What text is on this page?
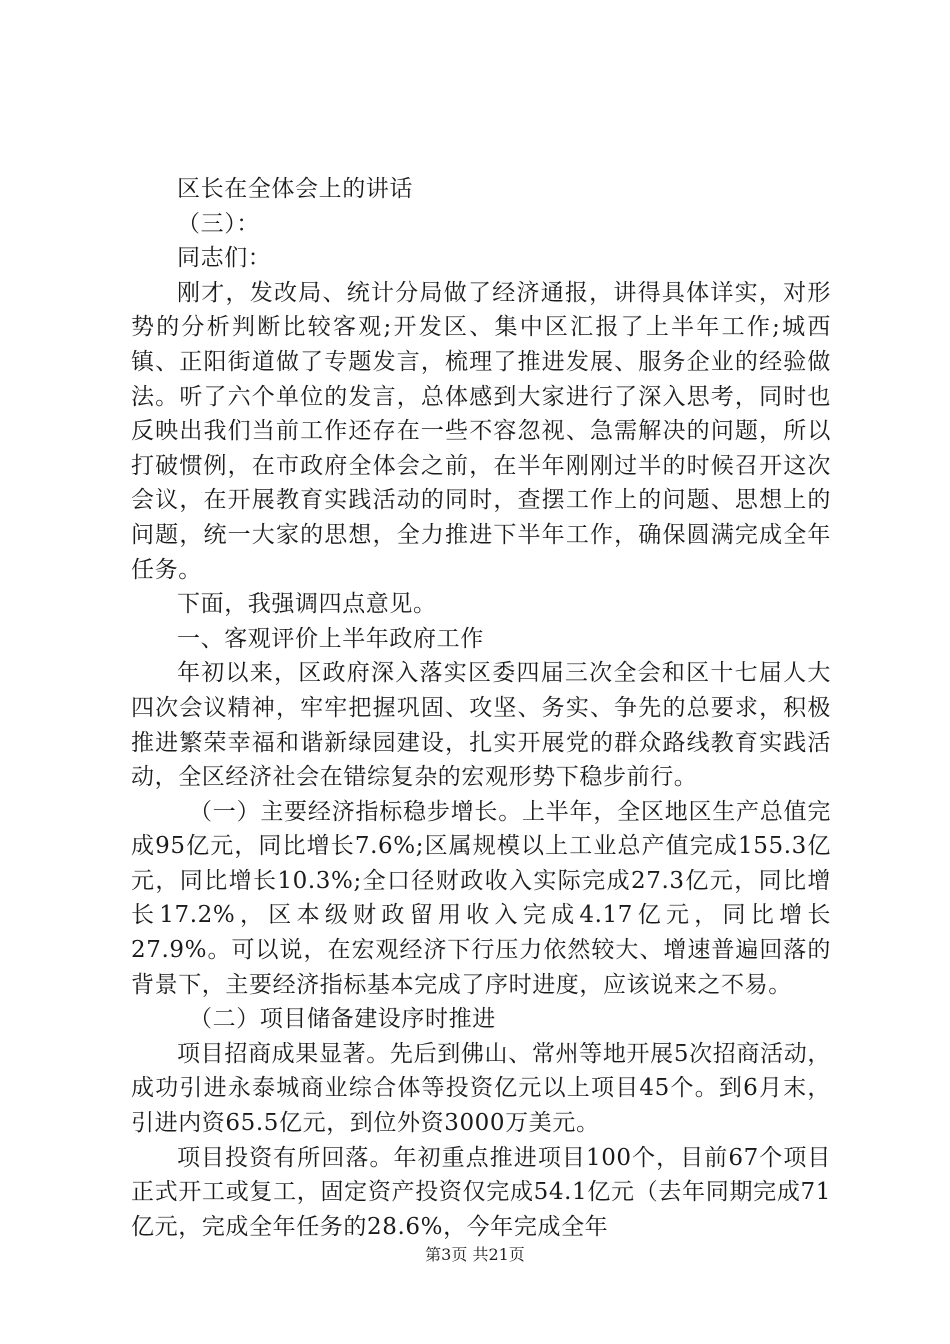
区长在全体会上的讲话

（三）：

同志们：

刚才，发改局、统计分局做了经济通报，讲得具体详实，对形势的分析判断比较客观;开发区、集中区汇报了上半年工作;城西镇、正阳街道做了专题发言，梳理了推进发展、服务企业的经验做法。听了六个单位的发言，总体感到大家进行了深入思考，同时也反映出我们当前工作还存在一些不容忽视、急需解决的问题，所以打破惯例，在市政府全体会之前，在半年刚刚过半的时候召开这次会议，在开展教育实践活动的同时，查摆工作上的问题、思想上的问题，统一大家的思想，全力推进下半年工作，确保圆满完成全年任务。

下面，我强调四点意见。

一、客观评价上半年政府工作

年初以来，区政府深入落实区委四届三次全会和区十七届人大四次会议精神，牢牢把握巩固、攻坚、务实、争先的总要求，积极推进繁荣幸福和谐新绿园建设，扎实开展党的群众路线教育实践活动，全区经济社会在错综复杂的宏观形势下稳步前行。

（一）主要经济指标稳步增长。上半年，全区地区生产总值完成95亿元，同比增长7.6%;区属规模以上工业总产值完成155.3亿元，同比增长10.3%;全口径财政收入实际完成27.3亿元，同比增长17.2%，区本级财政留用收入完成4.17亿元，同比增长27.9%。可以说，在宏观经济下行压力依然较大、增速普遍回落的背景下，主要经济指标基本完成了序时进度，应该说来之不易。

（二）项目储备建设序时推进

项目招商成果显著。先后到佛山、常州等地开展5次招商活动，成功引进永泰城商业综合体等投资亿元以上项目45个。到6月末，引进内资65.5亿元，到位外资3000万美元。

项目投资有所回落。年初重点推进项目100个，目前67个项目正式开工或复工，固定资产投资仅完成54.1亿元（去年同期完成71亿元，完成全年任务的28.6%，今年完成全年

第3页 共21页
